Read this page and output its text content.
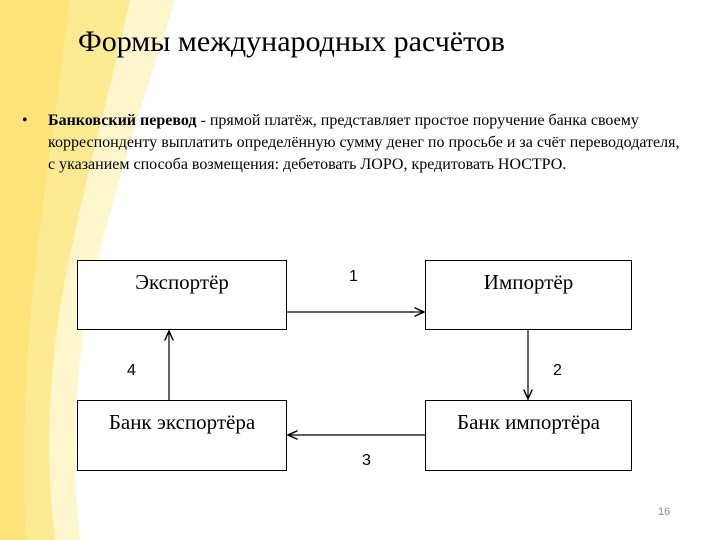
Формы международных расчётов
• Банковский перевод - прямой платёж, представляет простое поручение банка своему корреспонденту выплатить определённую сумму денег по просьбе и за счёт перевододателя, с указанием способа возмещения: дебетовать ЛОРО, кредитовать НОСТРО.
Экспортёр	Импортёр
Банк экспортёра	Банк импортёра
1
2
3
4
16
